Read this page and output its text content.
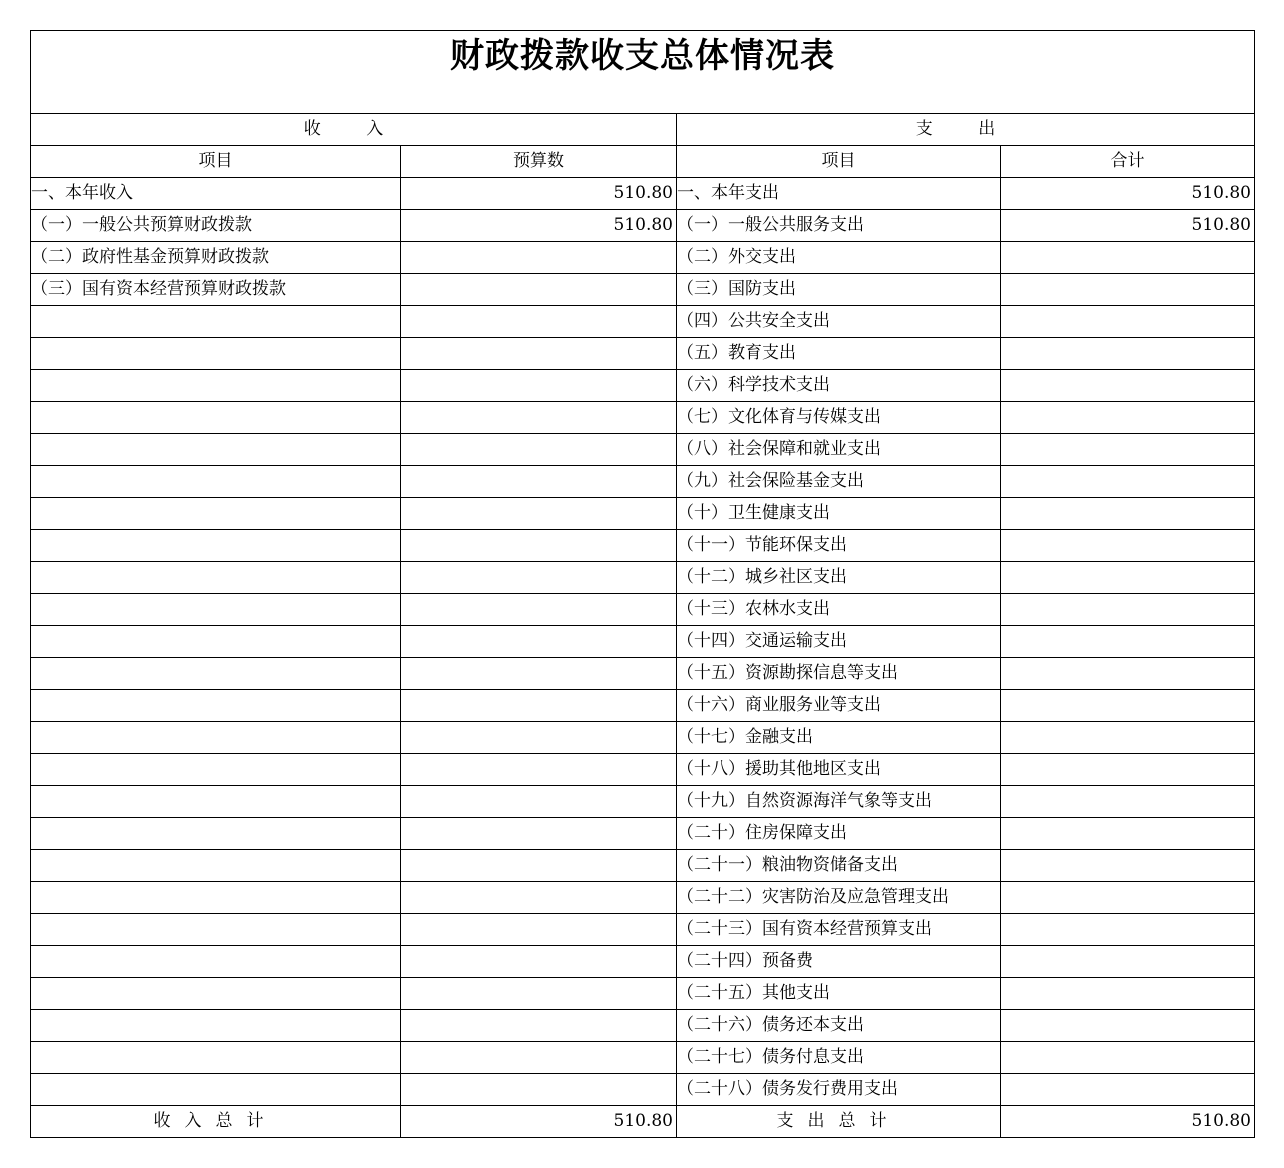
财政拨款收支总体情况表			

收 入		支 出	
项目	预算数	项目	合计
一、本年收入	510.80	一、本年支出	510.80
（一）一般公共预算财政拨款	510.80	（一）一般公共服务支出	510.80
（二）政府性基金预算财政拨款		（二）外交支出	
（三）国有资本经营预算财政拨款		（三）国防支出	
		（四）公共安全支出	
		（五）教育支出	
		（六）科学技术支出	
		（七）文化体育与传媒支出	
		（八）社会保障和就业支出	
		（九）社会保险基金支出	
		（十）卫生健康支出	
		（十一）节能环保支出	
		（十二）城乡社区支出	
		（十三）农林水支出	
		（十四）交通运输支出	
		（十五）资源勘探信息等支出	
		（十六）商业服务业等支出	
		（十七）金融支出	
		（十八）援助其他地区支出	
		（十九）自然资源海洋气象等支出	
		（二十）住房保障支出	
		（二十一）粮油物资储备支出	
		（二十二）灾害防治及应急管理支出	
		（二十三）国有资本经营预算支出	
		（二十四）预备费	
		（二十五）其他支出	
		（二十六）债务还本支出	
		（二十七）债务付息支出	
		（二十八）债务发行费用支出	
收入总计	510.80	支出总计	510.80
